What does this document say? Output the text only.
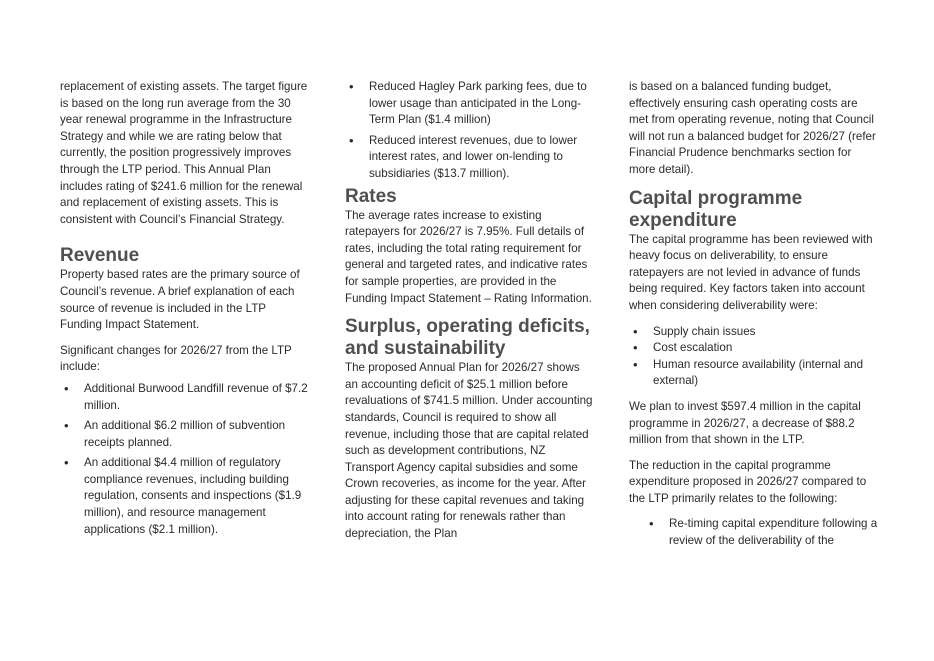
replacement of existing assets. The target figure is based on the long run average from the 30 year renewal programme in the Infrastructure Strategy and while we are rating below that currently, the position progressively improves through the LTP period. This Annual Plan includes rating of $241.6 million for the renewal and replacement of existing assets. This is consistent with Council’s Financial Strategy.

Revenue

Property based rates are the primary source of Council’s revenue. A brief explanation of each source of revenue is included in the LTP Funding Impact Statement.

Significant changes for 2026/27 from the LTP include:

• Additional Burwood Landfill revenue of $7.2 million.
• An additional $6.2 million of subvention receipts planned.
• An additional $4.4 million of regulatory compliance revenues, including building regulation, consents and inspections ($1.9 million), and resource management applications ($2.1 million).
• Reduced Hagley Park parking fees, due to lower usage than anticipated in the Long-Term Plan ($1.4 million)
• Reduced interest revenues, due to lower interest rates, and lower on-lending to subsidiaries ($13.7 million).
Rates

The average rates increase to existing ratepayers for 2026/27 is 7.95%. Full details of rates, including the total rating requirement for general and targeted rates, and indicative rates for sample properties, are provided in the Funding Impact Statement – Rating Information.

Surplus, operating deficits, and sustainability

The proposed Annual Plan for 2026/27 shows an accounting deficit of $25.1 million before revaluations of $741.5 million. Under accounting standards, Council is required to show all revenue, including those that are capital related such as development contributions, NZ Transport Agency capital subsidies and some Crown recoveries, as income for the year. After adjusting for these capital revenues and taking into account rating for renewals rather than depreciation, the Plan

is based on a balanced funding budget, effectively ensuring cash operating costs are met from operating revenue, noting that Council will not run a balanced budget for 2026/27 (refer Financial Prudence benchmarks section for more detail).

Capital programme expenditure

The capital programme has been reviewed with heavy focus on deliverability, to ensure ratepayers are not levied in advance of funds being required. Key factors taken into account when considering deliverability were:

• Supply chain issues
• Cost escalation
• Human resource availability (internal and external)

We plan to invest $597.4 million in the capital programme in 2026/27, a decrease of $88.2 million from that shown in the LTP.

The reduction in the capital programme expenditure proposed in 2026/27 compared to the LTP primarily relates to the following:

• Re-timing capital expenditure following a review of the deliverability of the
